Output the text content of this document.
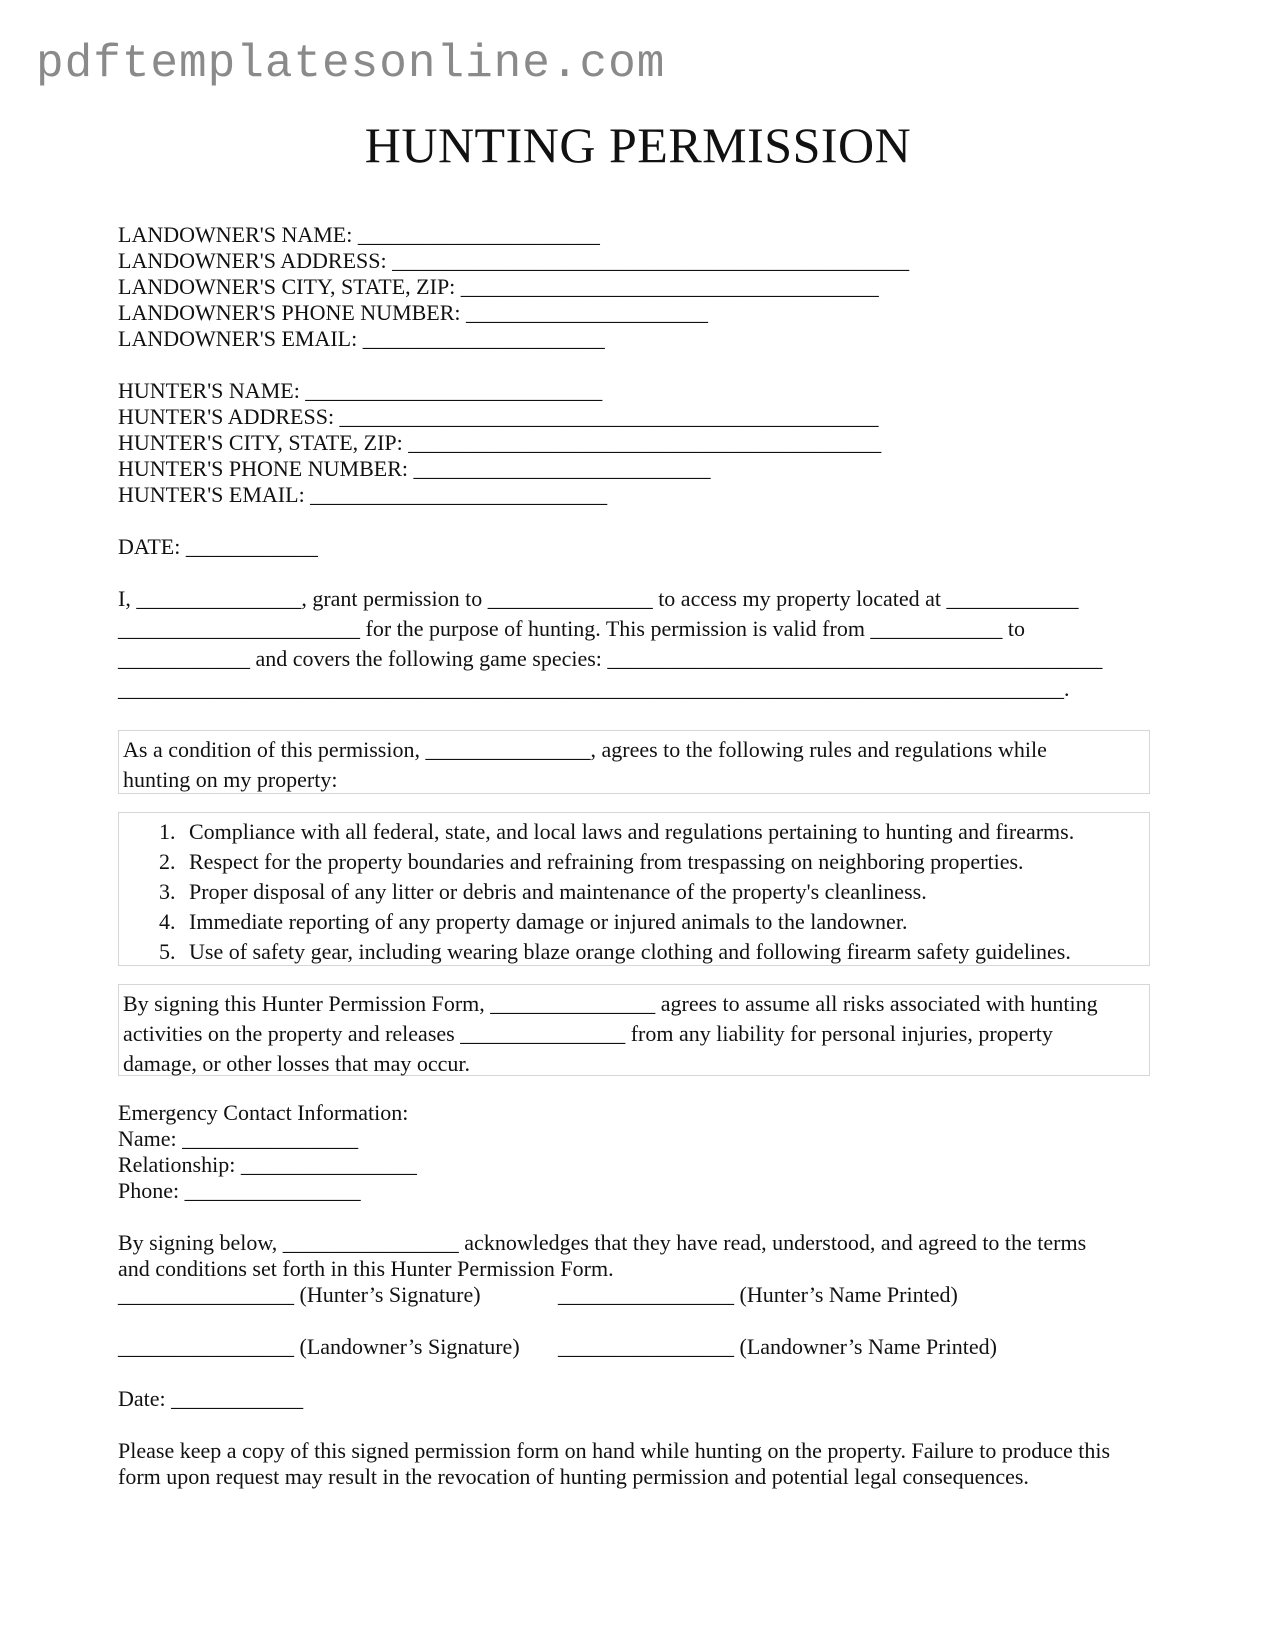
pdftemplatesonline.com
HUNTING PERMISSION
LANDOWNER'S NAME: ______________________
LANDOWNER'S ADDRESS: _______________________________________________
LANDOWNER'S CITY, STATE, ZIP: ______________________________________
LANDOWNER'S PHONE NUMBER: ______________________
LANDOWNER'S EMAIL: ______________________
HUNTER'S NAME: ___________________________
HUNTER'S ADDRESS: _________________________________________________
HUNTER'S CITY, STATE, ZIP: ___________________________________________
HUNTER'S PHONE NUMBER: ___________________________
HUNTER'S EMAIL: ___________________________
DATE: ____________
I, _______________, grant permission to _______________ to access my property located at ____________
______________________ for the purpose of hunting. This permission is valid from ____________ to
____________ and covers the following game species: _____________________________________________
______________________________________________________________________________________.

As a condition of this permission, _______________, agrees to the following rules and regulations while

hunting on my property:

1. Compliance with all federal, state, and local laws and regulations pertaining to hunting and firearms.
2. Respect for the property boundaries and refraining from trespassing on neighboring properties.
3. Proper disposal of any litter or debris and maintenance of the property's cleanliness.
4. Immediate reporting of any property damage or injured animals to the landowner.
5. Use of safety gear, including wearing blaze orange clothing and following firearm safety guidelines.

By signing this Hunter Permission Form, _______________ agrees to assume all risks associated with hunting

activities on the property and releases _______________ from any liability for personal injuries, property

damage, or other losses that may occur.

Emergency Contact Information:
Name: ________________
Relationship: ________________
Phone: ________________
By signing below, ________________ acknowledges that they have read, understood, and agreed to the terms
and conditions set forth in this Hunter Permission Form.
________________ (Hunter’s Signature)	________________ (Hunter’s Name Printed)
________________ (Landowner’s Signature) ________________ (Landowner’s Name Printed)
Date: ____________
Please keep a copy of this signed permission form on hand while hunting on the property. Failure to produce this
form upon request may result in the revocation of hunting permission and potential legal consequences.
